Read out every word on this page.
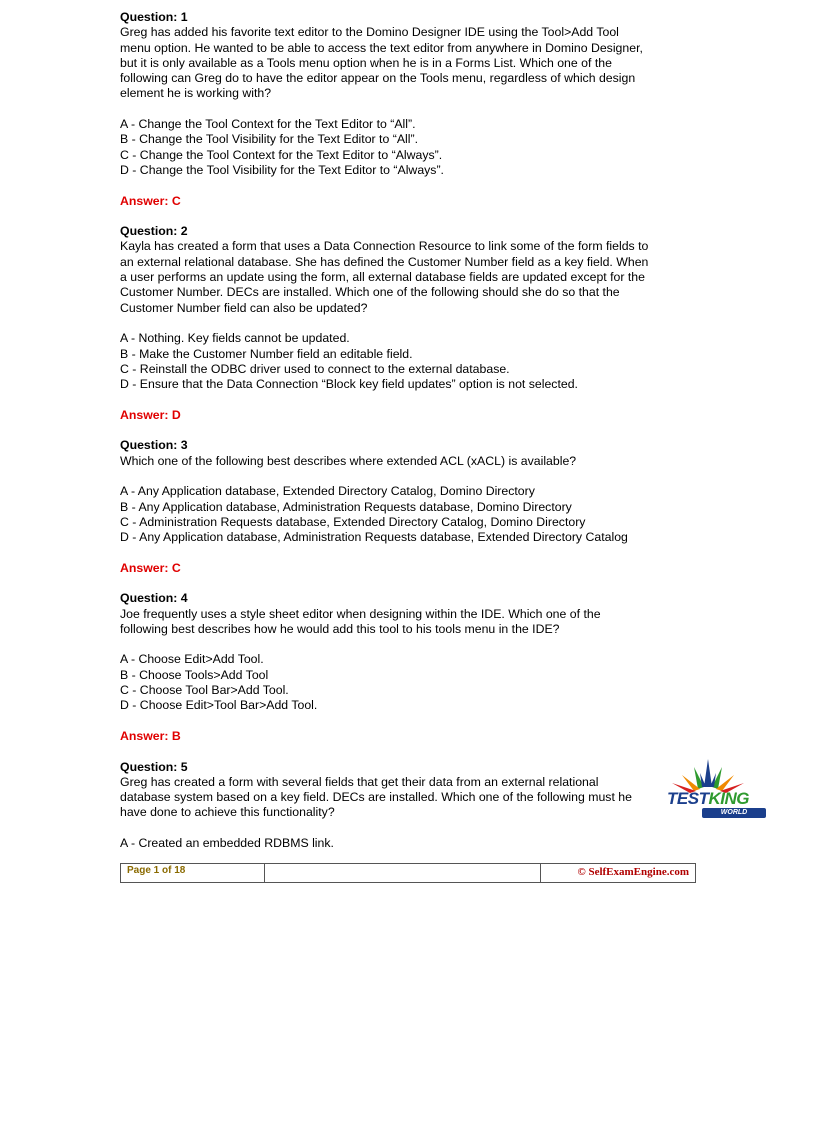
Question: 1
Greg has added his favorite text editor to the Domino Designer IDE using the Tool>Add Tool
menu option. He wanted to be able to access the text editor from anywhere in Domino Designer,
but it is only available as a Tools menu option when he is in a Forms List. Which one of the
following can Greg do to have the editor appear on the Tools menu, regardless of which design
element he is working with?
A - Change the Tool Context for the Text Editor to “All”.
B - Change the Tool Visibility for the Text Editor to “All”.
C - Change the Tool Context for the Text Editor to “Always”.
D - Change the Tool Visibility for the Text Editor to “Always”.
Answer: C
Question: 2
Kayla has created a form that uses a Data Connection Resource to link some of the form fields to
an external relational database. She has defined the Customer Number field as a key field. When
a user performs an update using the form, all external database fields are updated except for the
Customer Number. DECs are installed. Which one of the following should she do so that the
Customer Number field can also be updated?
A - Nothing. Key fields cannot be updated.
B - Make the Customer Number field an editable field.
C - Reinstall the ODBC driver used to connect to the external database.
D - Ensure that the Data Connection “Block key field updates” option is not selected.
Answer: D
Question: 3
Which one of the following best describes where extended ACL (xACL) is available?
A - Any Application database, Extended Directory Catalog, Domino Directory
B - Any Application database, Administration Requests database, Domino Directory
C - Administration Requests database, Extended Directory Catalog, Domino Directory
D - Any Application database, Administration Requests database, Extended Directory Catalog
Answer: C
Question: 4
Joe frequently uses a style sheet editor when designing within the IDE. Which one of the
following best describes how he would add this tool to his tools menu in the IDE?
A - Choose Edit>Add Tool.
B - Choose Tools>Add Tool
C - Choose Tool Bar>Add Tool.
D - Choose Edit>Tool Bar>Add Tool.
Answer: B
Question: 5
Greg has created a form with several fields that get their data from an external relational
database system based on a key field. DECs are installed. Which one of the following must he
have done to achieve this functionality?
A - Created an embedded RDBMS link.
TESTKING
WORLD
Page 1 of 18	© SelfExamEngine.com
